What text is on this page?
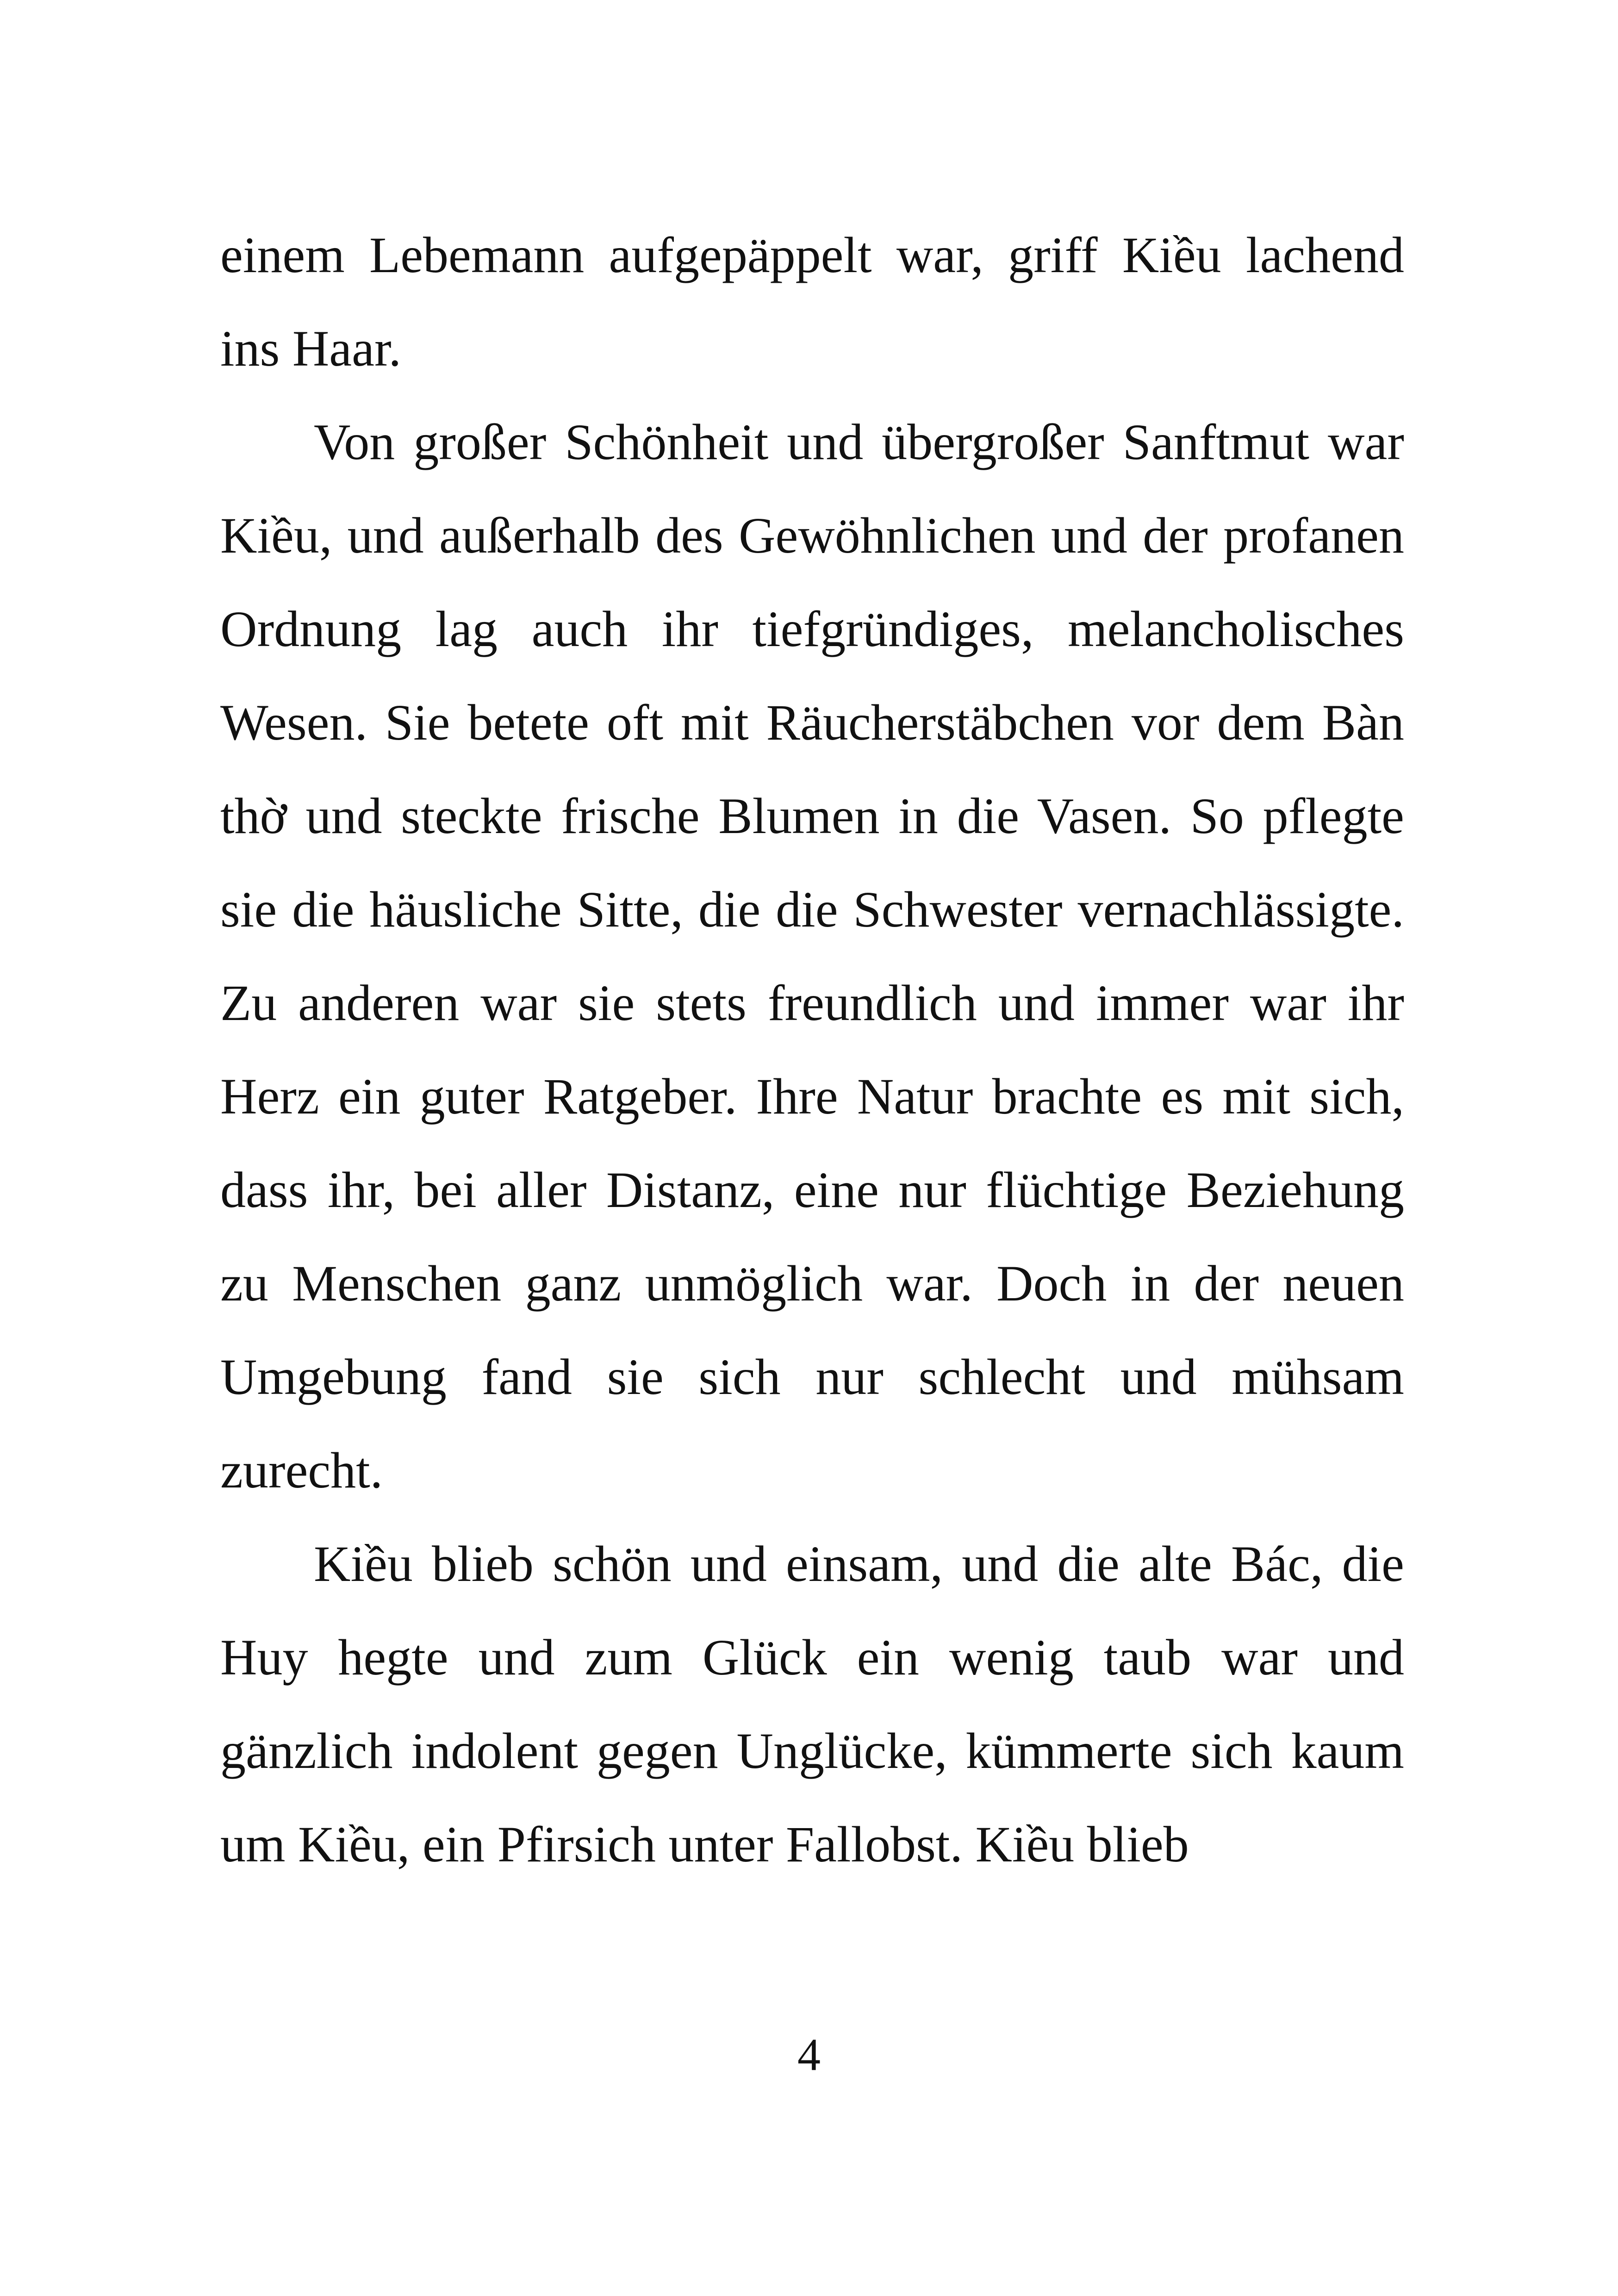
einem Lebemann aufgepäppelt war, griff Kiều lachend ins Haar.

Von großer Schönheit und übergroßer Sanftmut war Kiều, und außerhalb des Gewöhnlichen und der profanen Ordnung lag auch ihr tiefgründiges, melancholisches Wesen. Sie betete oft mit Räucherstäbchen vor dem Bàn thờ und steckte frische Blumen in die Vasen. So pflegte sie die häusliche Sitte, die die Schwester vernachlässigte. Zu anderen war sie stets freundlich und immer war ihr Herz ein guter Ratgeber. Ihre Natur brachte es mit sich, dass ihr, bei aller Distanz, eine nur flüchtige Beziehung zu Menschen ganz unmöglich war. Doch in der neuen Umgebung fand sie sich nur schlecht und mühsam zurecht.

Kiều blieb schön und einsam, und die alte Bác, die Huy hegte und zum Glück ein wenig taub war und gänzlich indolent gegen Unglücke, kümmerte sich kaum um Kiều, ein Pfirsich unter Fallobst. Kiều blieb

4
